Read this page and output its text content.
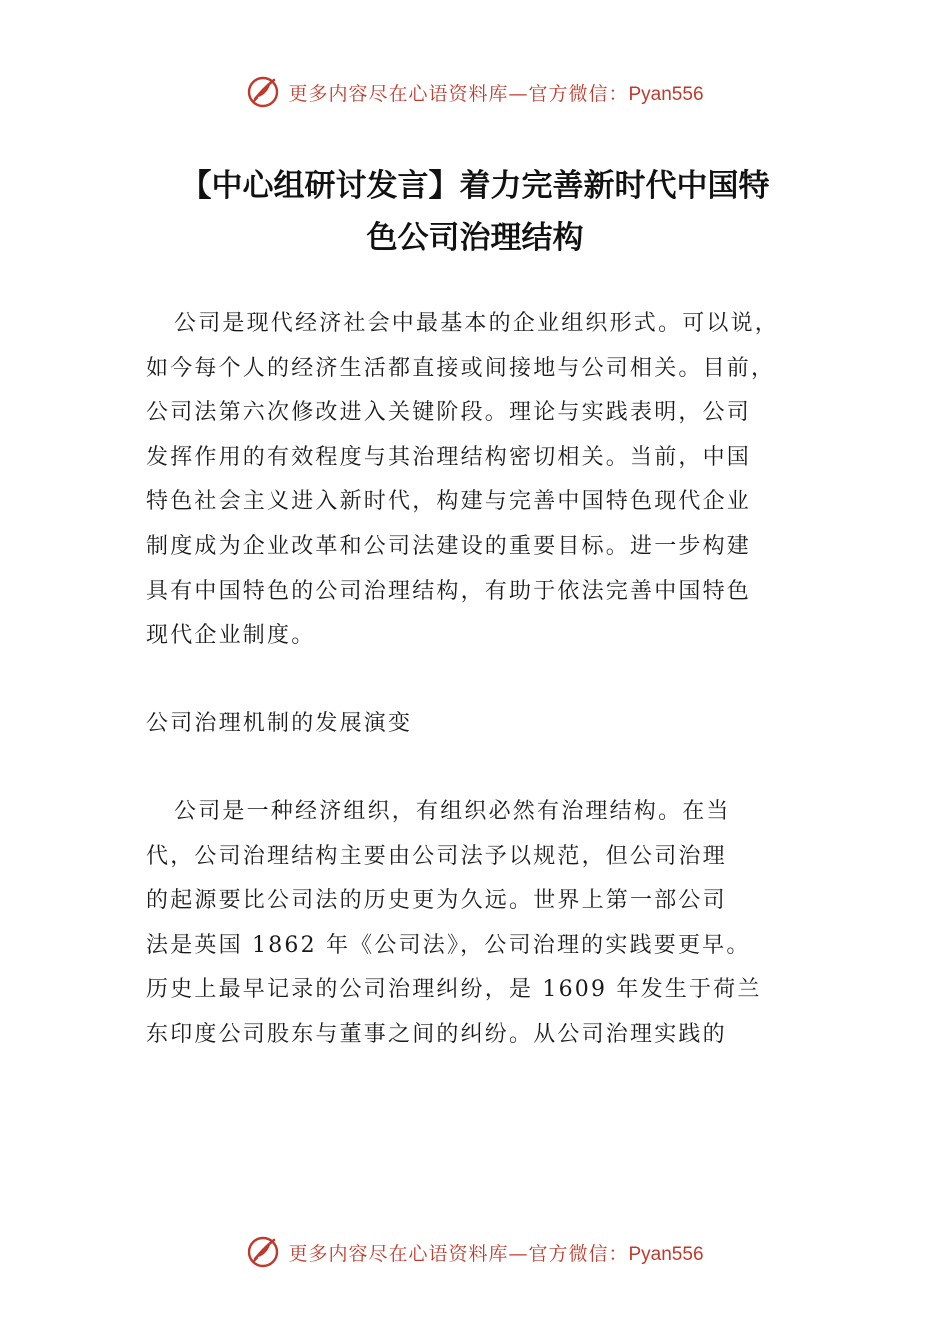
更多内容尽在心语资料库—官方微信：Pyan556
【中心组研讨发言】着力完善新时代中国特
色公司治理结构

公司是现代经济社会中最基本的企业组织形式。可以说，
如今每个人的经济生活都直接或间接地与公司相关。目前，
公司法第六次修改进入关键阶段。理论与实践表明，公司
发挥作用的有效程度与其治理结构密切相关。当前，中国
特色社会主义进入新时代，构建与完善中国特色现代企业
制度成为企业改革和公司法建设的重要目标。进一步构建
具有中国特色的公司治理结构，有助于依法完善中国特色
现代企业制度。

公司治理机制的发展演变

公司是一种经济组织，有组织必然有治理结构。在当
代，公司治理结构主要由公司法予以规范，但公司治理
的起源要比公司法的历史更为久远。世界上第一部公司
法是英国 1862 年《公司法》，公司治理的实践要更早。
历史上最早记录的公司治理纠纷，是 1609 年发生于荷兰
东印度公司股东与董事之间的纠纷。从公司治理实践的

更多内容尽在心语资料库—官方微信：Pyan556
